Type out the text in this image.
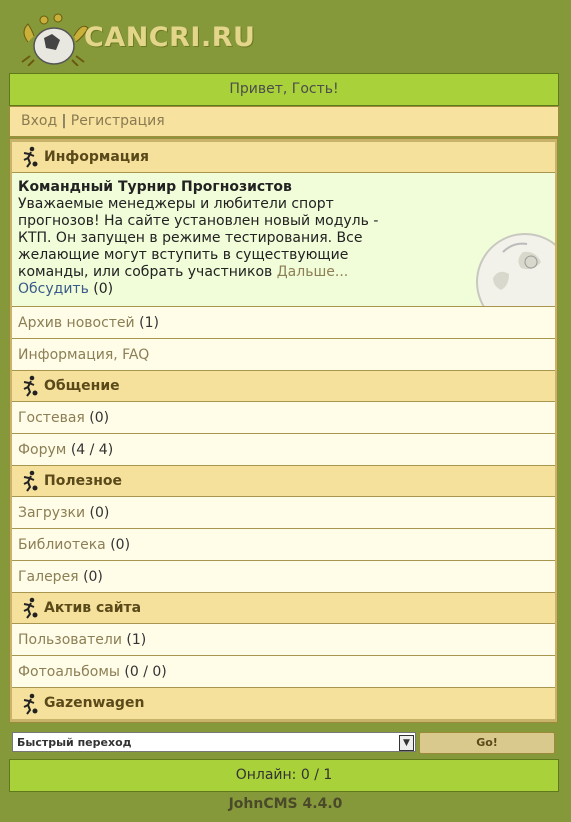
CANCRI.RU
Привет, Гость!
Вход | Регистрация
Информация
Командный Турнир Прогнозистов
Уважаемые менеджеры и любители спорт прогнозов! На сайте установлен новый модуль - КТП. Он запущен в режиме тестирования. Все желающие могут вступить в существующие команды, или собрать участников Дальше...
Обсудить (0)
Архив новостей (1)
Информация, FAQ
Общение
Гостевая (0)
Форум (4 / 4)
Полезное
Загрузки (0)
Библиотека (0)
Галерея (0)
Актив сайта
Пользователи (1)
Фотоальбомы (0 / 0)
Gazenwagen
Быстрый переход	▼	Go!
Онлайн: 0 / 1
JohnCMS 4.4.0
